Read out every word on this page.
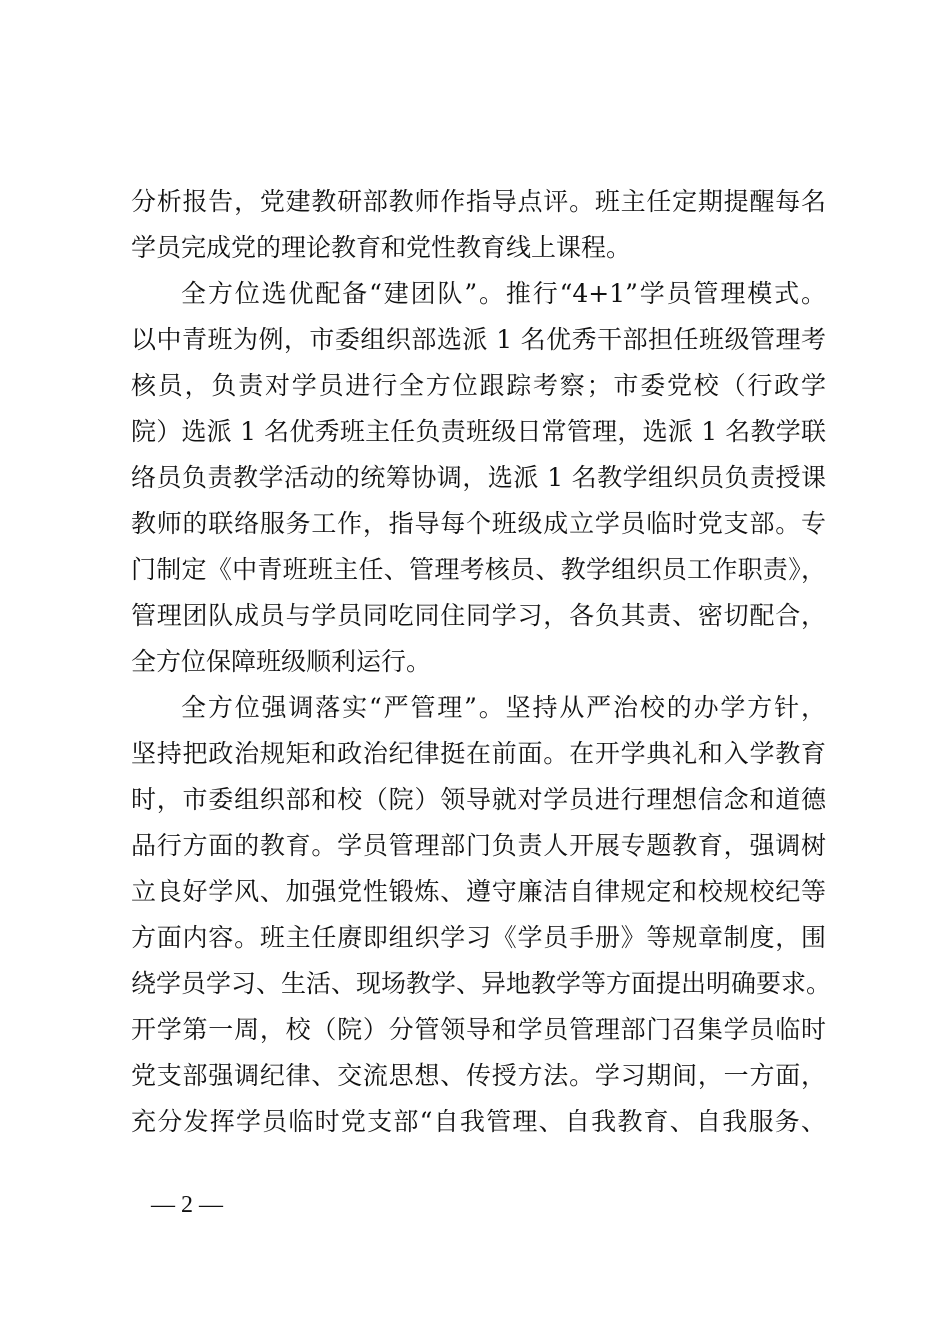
分析报告，党建教研部教师作指导点评。班主任定期提醒每名
学员完成党的理论教育和党性教育线上课程。
全方位选优配备“建团队”。推行“4+1”学员管理模式。
以中青班为例，市委组织部选派 1 名优秀干部担任班级管理考
核员，负责对学员进行全方位跟踪考察；市委党校（行政学
院）选派 1 名优秀班主任负责班级日常管理，选派 1 名教学联
络员负责教学活动的统筹协调，选派 1 名教学组织员负责授课
教师的联络服务工作，指导每个班级成立学员临时党支部。专
门制定《中青班班主任、管理考核员、教学组织员工作职责》，
管理团队成员与学员同吃同住同学习，各负其责、密切配合，
全方位保障班级顺利运行。
全方位强调落实“严管理”。坚持从严治校的办学方针，
坚持把政治规矩和政治纪律挺在前面。在开学典礼和入学教育
时，市委组织部和校（院）领导就对学员进行理想信念和道德
品行方面的教育。学员管理部门负责人开展专题教育，强调树
立良好学风、加强党性锻炼、遵守廉洁自律规定和校规校纪等
方面内容。班主任赓即组织学习《学员手册》等规章制度，围
绕学员学习、生活、现场教学、异地教学等方面提出明确要求。
开学第一周，校（院）分管领导和学员管理部门召集学员临时
党支部强调纪律、交流思想、传授方法。学习期间，一方面，
充分发挥学员临时党支部“自我管理、自我教育、自我服务、
— 2 —
